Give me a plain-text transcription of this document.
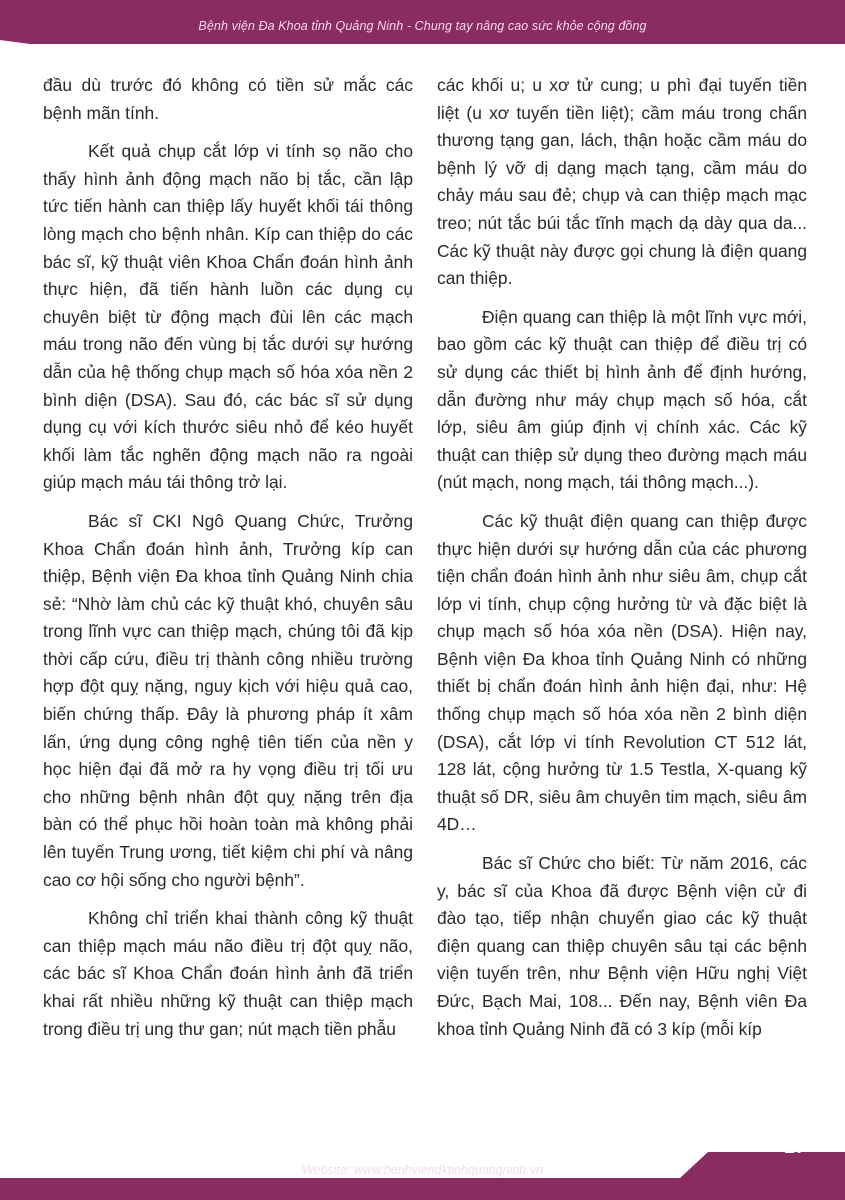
Bệnh viện Đa Khoa tỉnh Quảng Ninh - Chung tay nâng cao sức khỏe cộng đồng

đầu dù trước đó không có tiền sử mắc các bệnh mãn tính.

Kết quả chụp cắt lớp vi tính sọ não cho thấy hình ảnh động mạch não bị tắc, cần lập tức tiến hành can thiệp lấy huyết khối tái thông lòng mạch cho bệnh nhân. Kíp can thiệp do các bác sĩ, kỹ thuật viên Khoa Chẩn đoán hình ảnh thực hiện, đã tiến hành luồn các dụng cụ chuyên biệt từ động mạch đùi lên các mạch máu trong não đến vùng bị tắc dưới sự hướng dẫn của hệ thống chụp mạch số hóa xóa nền 2 bình diện (DSA). Sau đó, các bác sĩ sử dụng dụng cụ với kích thước siêu nhỏ để kéo huyết khối làm tắc nghẽn động mạch não ra ngoài giúp mạch máu tái thông trở lại.

Bác sĩ CKI Ngô Quang Chức, Trưởng Khoa Chẩn đoán hình ảnh, Trưởng kíp can thiệp, Bệnh viện Đa khoa tỉnh Quảng Ninh chia sẻ: “Nhờ làm chủ các kỹ thuật khó, chuyên sâu trong lĩnh vực can thiệp mạch, chúng tôi đã kịp thời cấp cứu, điều trị thành công nhiều trường hợp đột quỵ nặng, nguy kịch với hiệu quả cao, biến chứng thấp. Đây là phương pháp ít xâm lấn, ứng dụng công nghệ tiên tiến của nền y học hiện đại đã mở ra hy vọng điều trị tối ưu cho những bệnh nhân đột quỵ nặng trên địa bàn có thể phục hồi hoàn toàn mà không phải lên tuyến Trung ương, tiết kiệm chi phí và nâng cao cơ hội sống cho người bệnh”.

Không chỉ triển khai thành công kỹ thuật can thiệp mạch máu não điều trị đột quỵ não, các bác sĩ Khoa Chẩn đoán hình ảnh đã triển khai rất nhiều những kỹ thuật can thiệp mạch trong điều trị ung thư gan; nút mạch tiền phẫu

các khối u; u xơ tử cung; u phì đại tuyến tiền liệt (u xơ tuyến tiền liệt); cầm máu trong chấn thương tạng gan, lách, thận hoặc cầm máu do bệnh lý vỡ dị dạng mạch tạng, cầm máu do chảy máu sau đẻ; chụp và can thiệp mạch mạc treo; nút tắc búi tắc tĩnh mạch dạ dày qua da... Các kỹ thuật này được gọi chung là điện quang can thiệp.

Điện quang can thiệp là một lĩnh vực mới, bao gồm các kỹ thuật can thiệp để điều trị có sử dụng các thiết bị hình ảnh để định hướng, dẫn đường như máy chụp mạch số hóa, cắt lớp, siêu âm giúp định vị chính xác. Các kỹ thuật can thiệp sử dụng theo đường mạch máu (nút mạch, nong mạch, tái thông mạch...).

Các kỹ thuật điện quang can thiệp được thực hiện dưới sự hướng dẫn của các phương tiện chẩn đoán hình ảnh như siêu âm, chụp cắt lớp vi tính, chụp cộng hưởng từ và đặc biệt là chụp mạch số hóa xóa nền (DSA). Hiện nay, Bệnh viện Đa khoa tỉnh Quảng Ninh có những thiết bị chẩn đoán hình ảnh hiện đại, như: Hệ thống chụp mạch số hóa xóa nền 2 bình diện (DSA), cắt lớp vi tính Revolution CT 512 lát, 128 lát, cộng hưởng từ 1.5 Testla, X-quang kỹ thuật số DR, siêu âm chuyên tim mạch, siêu âm 4D…

Bác sĩ Chức cho biết: Từ năm 2016, các y, bác sĩ của Khoa đã được Bệnh viện cử đi đào tạo, tiếp nhận chuyển giao các kỹ thuật điện quang can thiệp chuyên sâu tại các bệnh viện tuyến trên, như Bệnh viện Hữu nghị Việt Đức, Bạch Mai, 108... Đến nay, Bệnh viên Đa khoa tỉnh Quảng Ninh đã có 3 kíp (mỗi kíp

Website: www.benhviendktinhquangninh.vn
27
